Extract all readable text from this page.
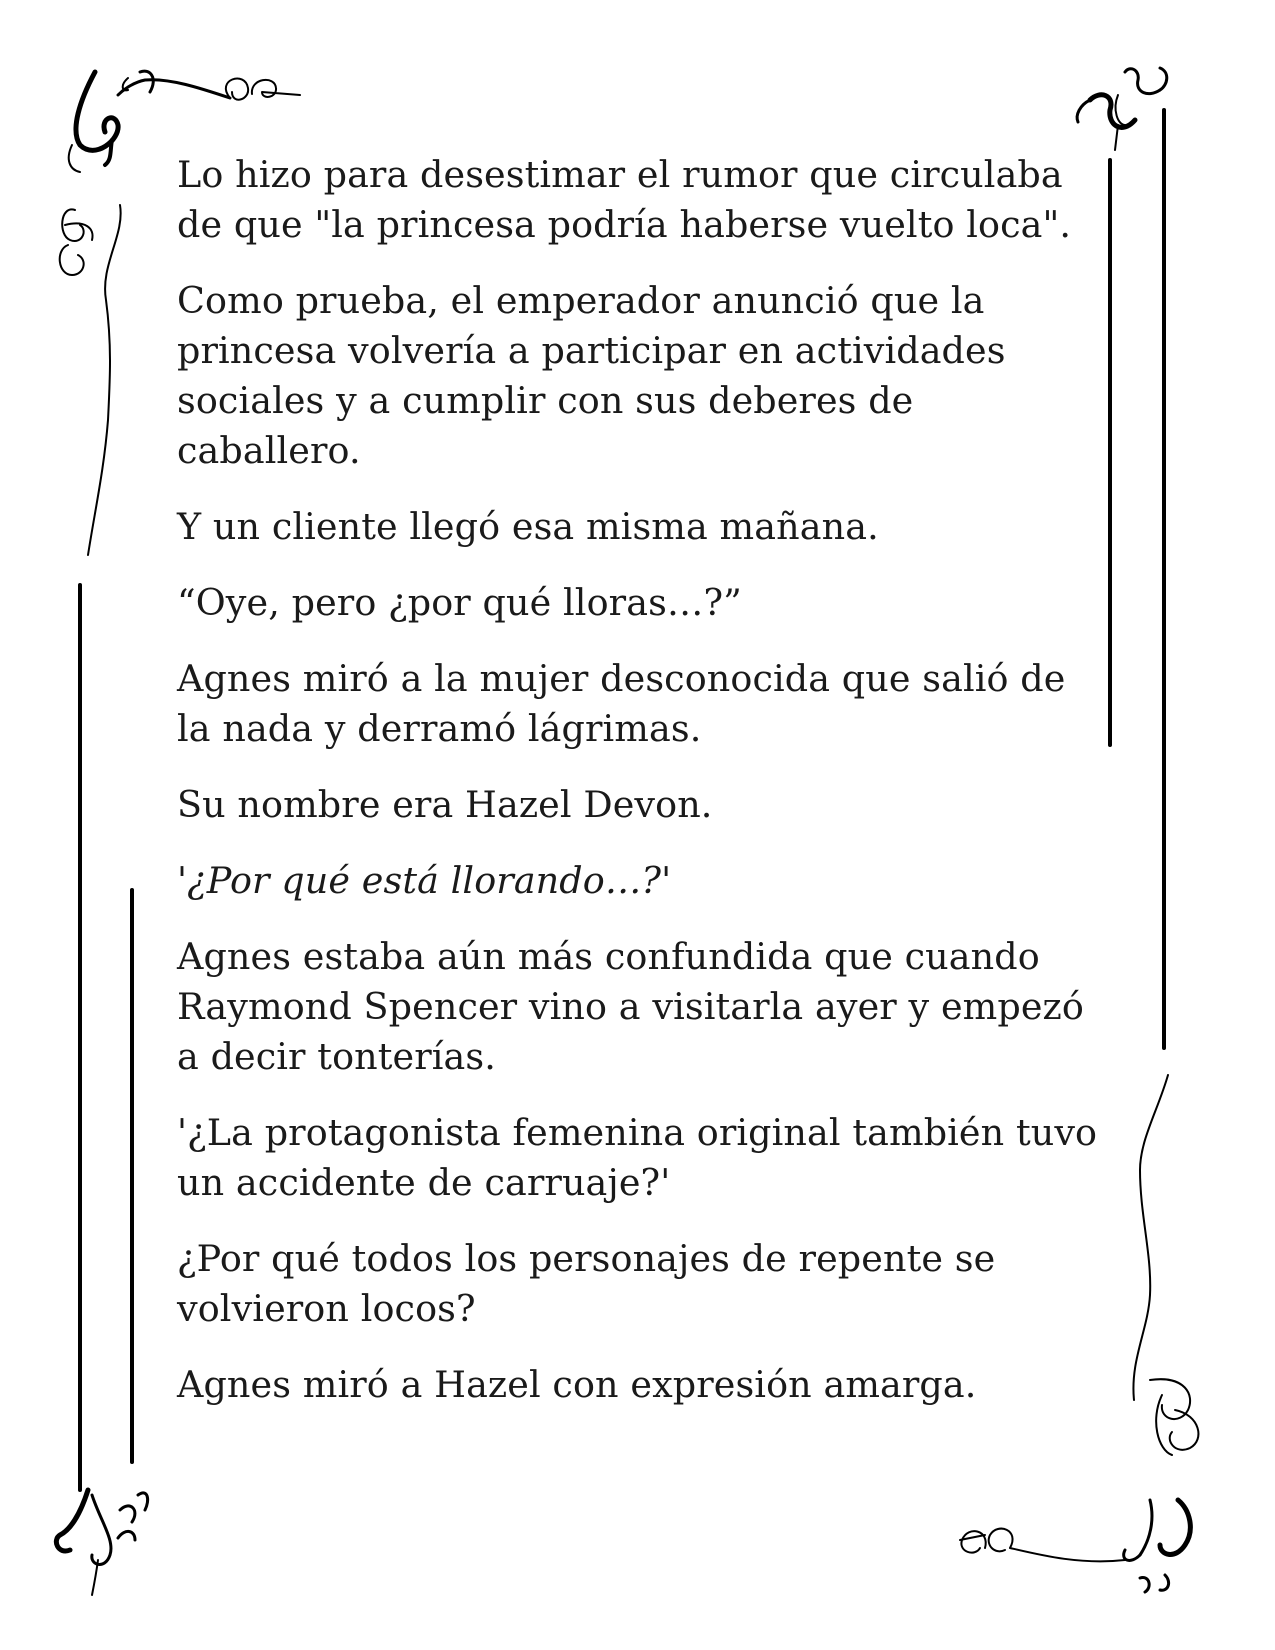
Lo hizo para desestimar el rumor que circulaba de que "la princesa podría haberse vuelto loca".

Como prueba, el emperador anunció que la princesa volvería a participar en actividades sociales y a cumplir con sus deberes de caballero.

Y un cliente llegó esa misma mañana.

“Oye, pero ¿por qué lloras…?”

Agnes miró a la mujer desconocida que salió de la nada y derramó lágrimas.

Su nombre era Hazel Devon.

'¿Por qué está llorando…?'

Agnes estaba aún más confundida que cuando Raymond Spencer vino a visitarla ayer y empezó a decir tonterías.

'¿La protagonista femenina original también tuvo un accidente de carruaje?'

¿Por qué todos los personajes de repente se volvieron locos?

Agnes miró a Hazel con expresión amarga.
